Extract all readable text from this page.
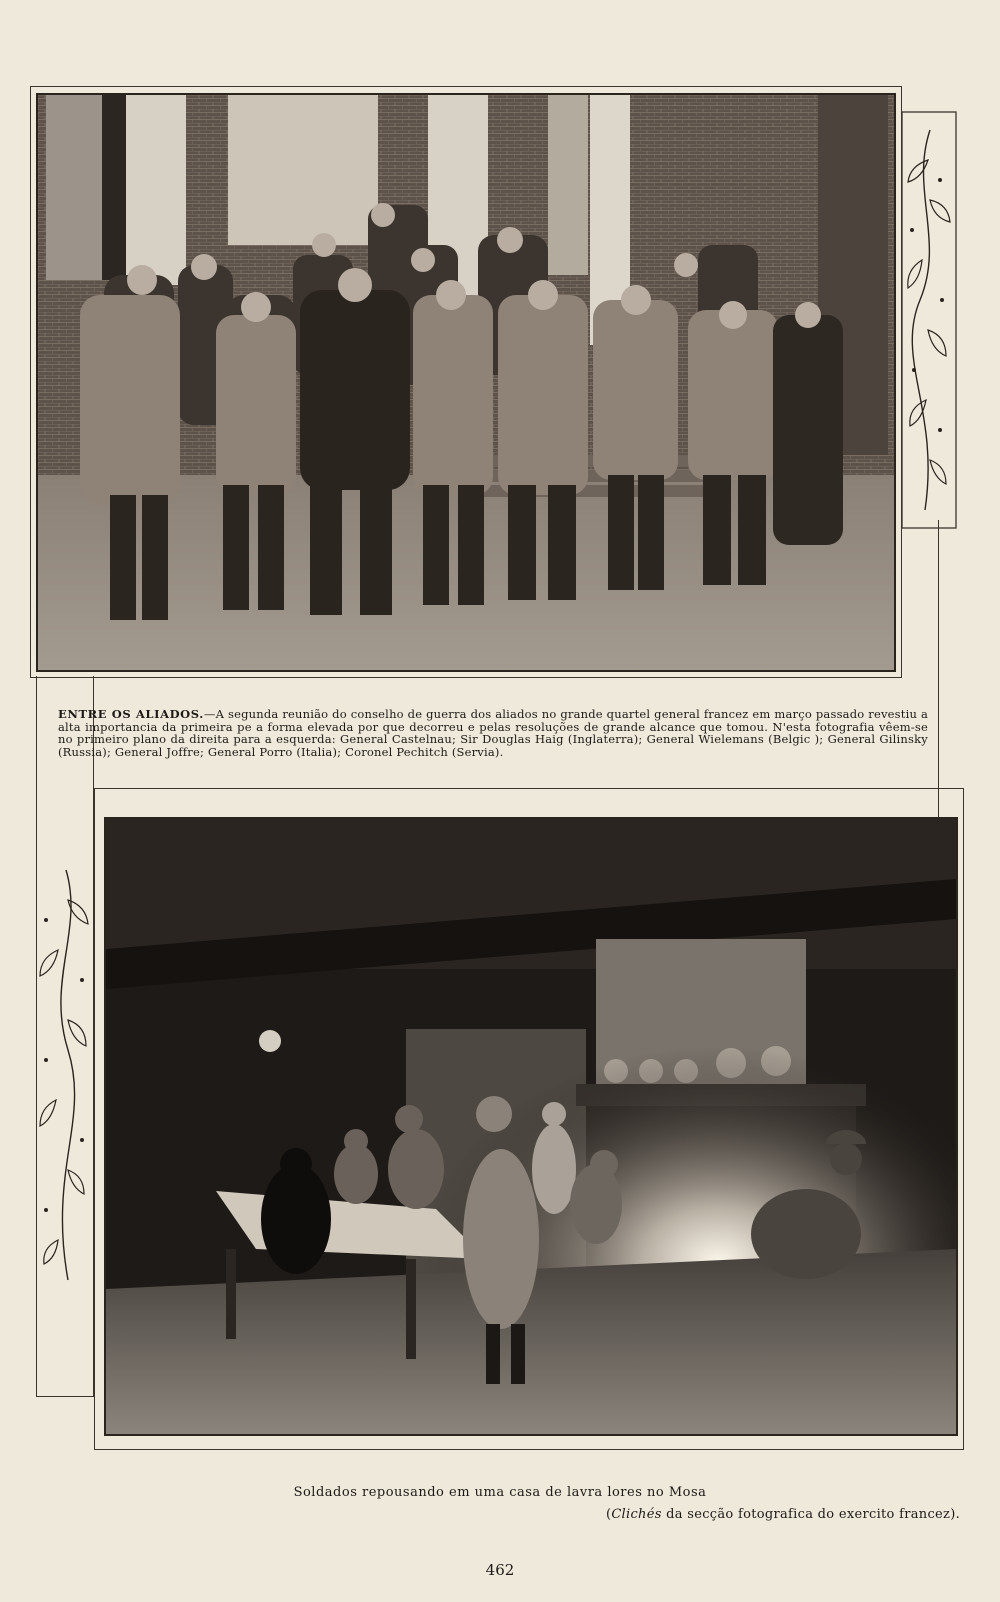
ENTRE OS ALIADOS.—A segunda reunião do conselho de guerra dos aliados no grande quartel general francez em março passado revestiu a alta importancia da primeira pe a forma elevada por que decorreu e pelas resoluções de grande alcance que tomou. N'esta fotografia vêem-se no primeiro plano da direita para a esquerda: General Castelnau; Sir Douglas Haig (Inglaterra); General Wielemans (Belgic ); General Gilinsky (Russia); General Joffre; General Porro (Italia); Coronel Pechitch (Servia).
Soldados repousando em uma casa de lavra lores no Mosa
(Clichés da secção fotografica do exercito francez).
462
